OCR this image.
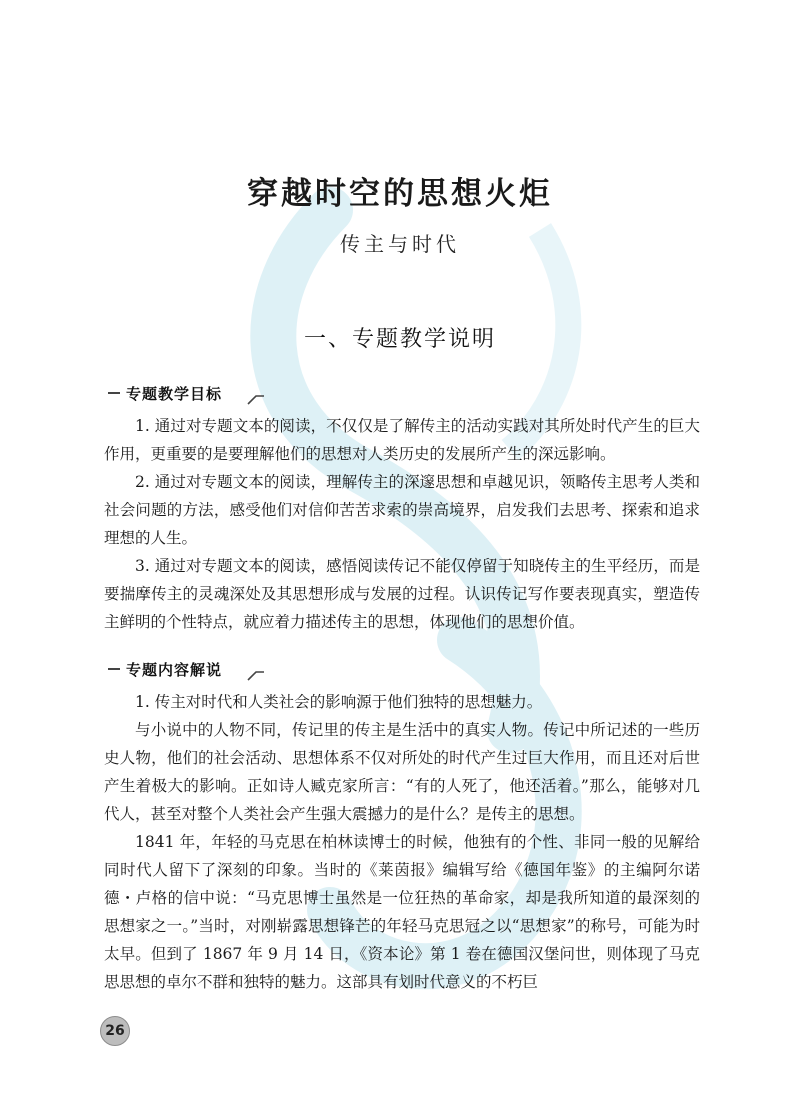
穿越时空的思想火炬
传主与时代
一、专题教学说明
专题教学目标

1. 通过对专题文本的阅读，不仅仅是了解传主的活动实践对其所处时代产生的巨大作用，更重要的是要理解他们的思想对人类历史的发展所产生的深远影响。

2. 通过对专题文本的阅读，理解传主的深邃思想和卓越见识，领略传主思考人类和社会问题的方法，感受他们对信仰苦苦求索的崇高境界，启发我们去思考、探索和追求理想的人生。

3. 通过对专题文本的阅读，感悟阅读传记不能仅停留于知晓传主的生平经历，而是要揣摩传主的灵魂深处及其思想形成与发展的过程。认识传记写作要表现真实，塑造传主鲜明的个性特点，就应着力描述传主的思想，体现他们的思想价值。

专题内容解说

1. 传主对时代和人类社会的影响源于他们独特的思想魅力。

与小说中的人物不同，传记里的传主是生活中的真实人物。传记中所记述的一些历史人物，他们的社会活动、思想体系不仅对所处的时代产生过巨大作用，而且还对后世产生着极大的影响。正如诗人臧克家所言：“有的人死了，他还活着。”那么，能够对几代人，甚至对整个人类社会产生强大震撼力的是什么？是传主的思想。

1841 年，年轻的马克思在柏林读博士的时候，他独有的个性、非同一般的见解给同时代人留下了深刻的印象。当时的《莱茵报》编辑写给《德国年鉴》的主编阿尔诺德・卢格的信中说：“马克思博士虽然是一位狂热的革命家，却是我所知道的最深刻的思想家之一。”当时，对刚崭露思想锋芒的年轻马克思冠之以“思想家”的称号，可能为时太早。但到了 1867 年 9 月 14 日，《资本论》第 1 卷在德国汉堡问世，则体现了马克思思想的卓尔不群和独特的魅力。这部具有划时代意义的不朽巨

26
